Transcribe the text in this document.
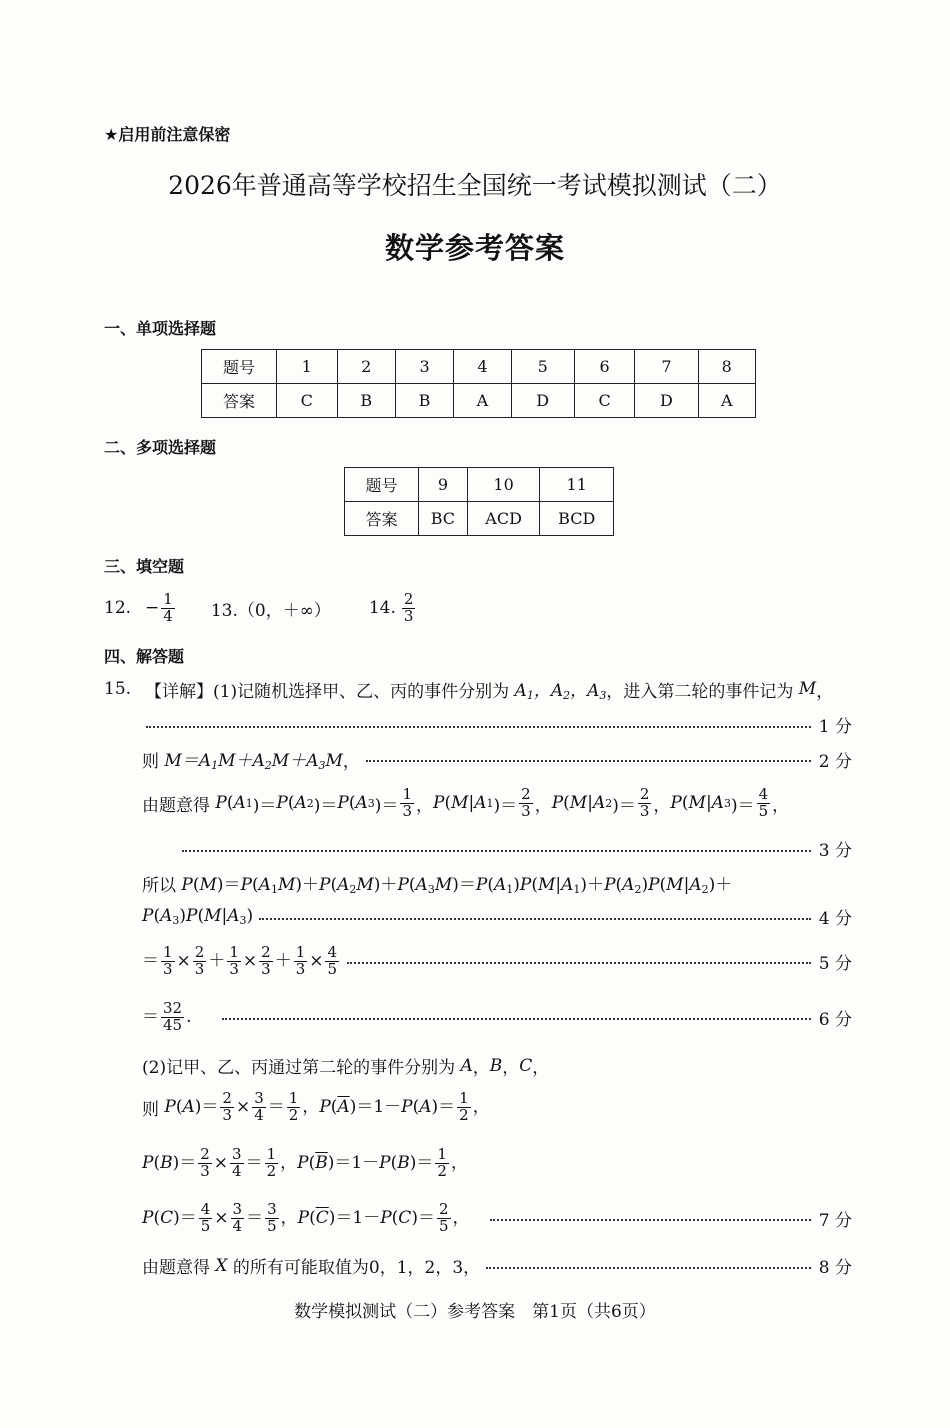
★启用前注意保密
2026年普通高等学校招生全国统一考试模拟测试（二）
数学参考答案
一、单项选择题
题号	1	2	3	4	5	6	7	8
答案	C	B	B	A	D	C	D	A
二、多项选择题
题号	9	10	11
答案	BC	ACD	BCD
三、填空题
12. − $\frac{1}{4} 13.(0$，＋∞） 14. $\frac{2}{3}$
四、解答题
15. 【详解】 (1)记随机选择甲、乙、丙的事件分别为 $A_1$，$A_2$，$A_3$ ，进入第二轮的事件记为 M ，
1 分
则 $M=A_1M+A_2M+A_3M$ ，	2 分
由题意得 P ( A 1 )＝ P ( A 2 )＝ P ( A 3 )＝ $\frac{1}{3}$ ， P ( M | A 1 )＝ $\frac{2}{3}$ ， P ( M | A 2 )＝ $\frac{2}{3}$ ， P ( M | A 3 )＝ $\frac{4}{5}$ ，
3 分
所以 $P(M)=P(A_1M)+P(A_2M)+P(A_3M)=P(A_1)P(M|A_1)+P(A_2)P(M|A_2)+$
$P(A_3)P(M|A_3)$	4 分
＝ $\frac{1}{3} \times \frac{2}{3} + \frac{1}{3} \times \frac{2}{3} + \frac{1}{3} \times \frac{4}{5}$	5 分
＝ $\frac{32}{45}$ .	6 分
(2)记甲、乙、丙通过第二轮的事件分别为 A ， B ， C ，
则 $P(A)= \frac{2}{3} \times \frac{3}{4} = \frac{1}{2}$ ，$P(\overline{A})=1-P(A)= \frac{1}{2}$ ，
$P(B)= \frac{2}{3} \times \frac{3}{4} = \frac{1}{2}$ ，$P(\overline{B})=1-P(B)= \frac{1}{2}$ ，
$P(C)= \frac{4}{5} \times \frac{3}{4} = \frac{3}{5}$ ，$P(\overline{C})=1-P(C)= \frac{2}{5}$ ，	7 分
由题意得 X 的所有可能取值为0，1，2，3，	8 分
数学模拟测试（二）参考答案　第1页（共6页）
